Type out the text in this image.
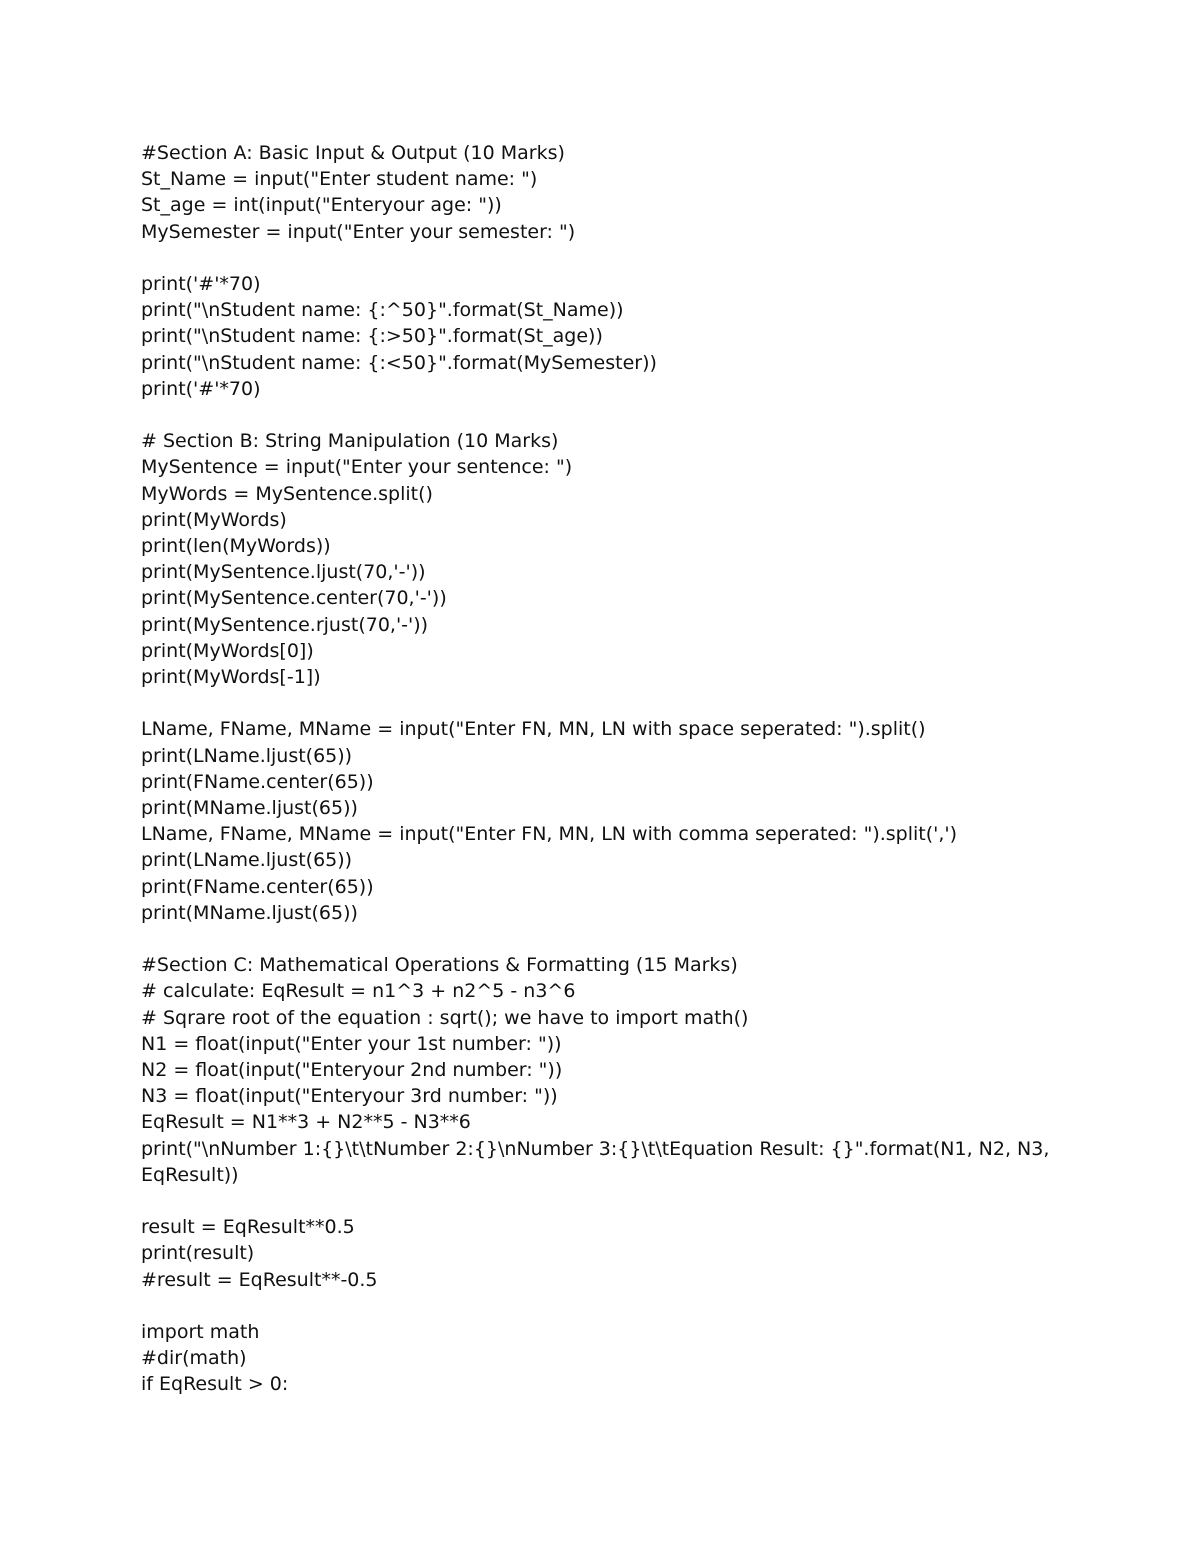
#Section A: Basic Input & Output (10 Marks)

St_Name = input("Enter student name: ")

St_age = int(input("Enteryour age: "))

MySemester = input("Enter your semester: ")

print('#'*70)

print("\nStudent name: {:^50}".format(St_Name))

print("\nStudent name: {:>50}".format(St_age))

print("\nStudent name: {:<50}".format(MySemester))

print('#'*70)

# Section B: String Manipulation (10 Marks)

MySentence = input("Enter your sentence: ")

MyWords = MySentence.split()

print(MyWords)

print(len(MyWords))

print(MySentence.ljust(70,'-'))

print(MySentence.center(70,'-'))

print(MySentence.rjust(70,'-'))

print(MyWords[0])

print(MyWords[-1])

LName, FName, MName = input("Enter FN, MN, LN with space seperated: ").split()

print(LName.ljust(65))

print(FName.center(65))

print(MName.ljust(65))

LName, FName, MName = input("Enter FN, MN, LN with comma seperated: ").split(',')

print(LName.ljust(65))

print(FName.center(65))

print(MName.ljust(65))

#Section C: Mathematical Operations & Formatting (15 Marks)

# calculate: EqResult = n1^3 + n2^5 - n3^6

# Sqrare root of the equation : sqrt(); we have to import math()

N1 = float(input("Enter your 1st number: "))

N2 = float(input("Enteryour 2nd number: "))

N3 = float(input("Enteryour 3rd number: "))

EqResult = N1**3 + N2**5 - N3**6

print("\nNumber 1:{}\t\tNumber 2:{}\nNumber 3:{}\t\tEquation Result: {}".format(N1, N2, N3, EqResult))

result = EqResult**0.5

print(result)

#result = EqResult**-0.5

import math

#dir(math)

if EqResult > 0:
